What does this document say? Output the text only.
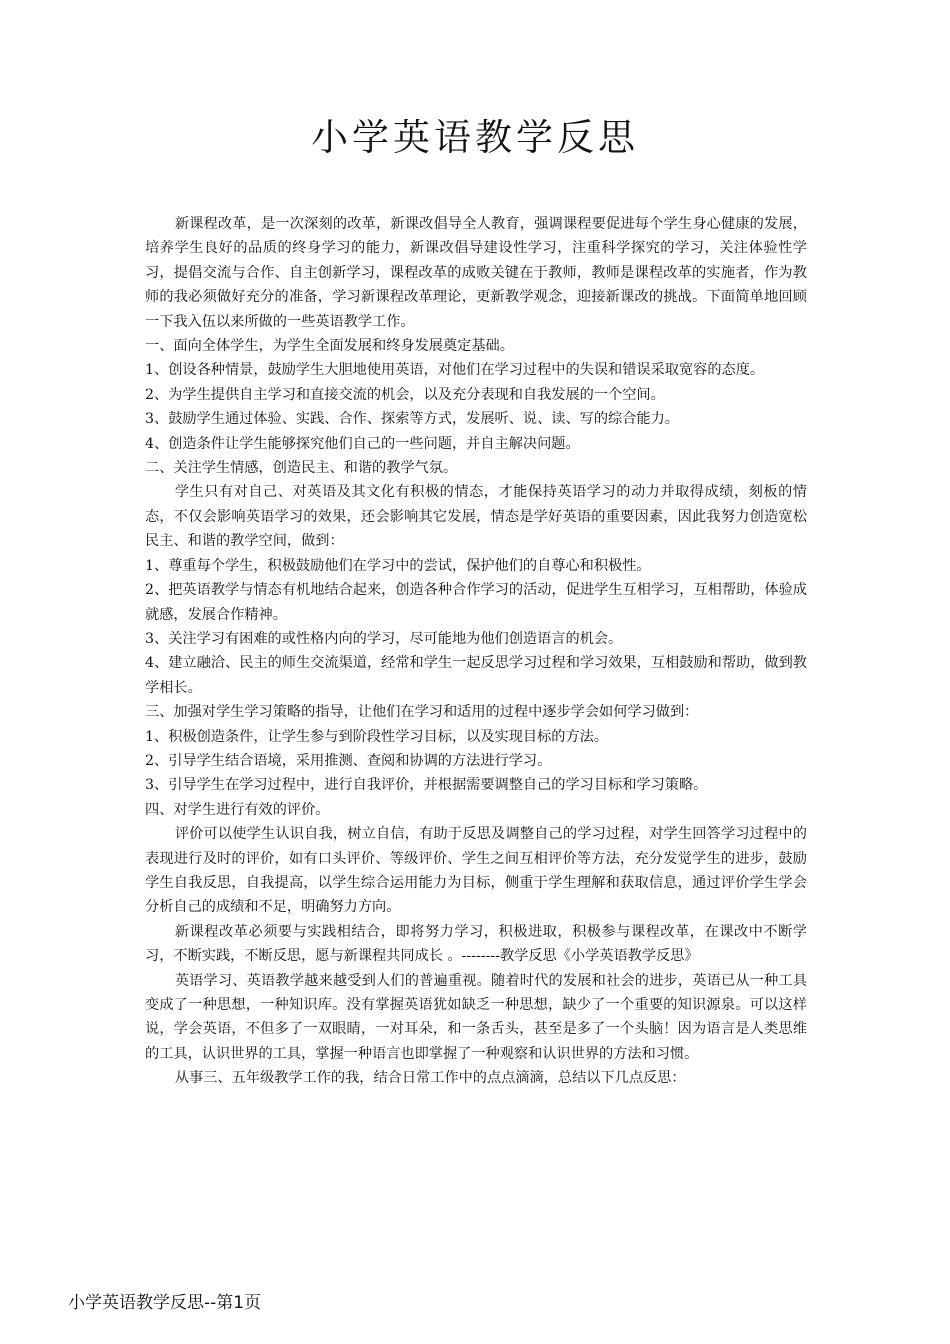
小学英语教学反思

新课程改革，是一次深刻的改革，新课改倡导全人教育，强调课程要促进每个学生身心健康的发展，培养学生良好的品质的终身学习的能力，新课改倡导建设性学习，注重科学探究的学习，关注体验性学习，提倡交流与合作、自主创新学习，课程改革的成败关键在于教师，教师是课程改革的实施者，作为教师的我必须做好充分的准备，学习新课程改革理论，更新教学观念，迎接新课改的挑战。下面简单地回顾一下我入伍以来所做的一些英语教学工作。

一、面向全体学生，为学生全面发展和终身发展奠定基础。

1、创设各种情景，鼓励学生大胆地使用英语，对他们在学习过程中的失误和错误采取宽容的态度。

2、为学生提供自主学习和直接交流的机会，以及充分表现和自我发展的一个空间。

3、鼓励学生通过体验、实践、合作、探索等方式，发展听、说、读、写的综合能力。

4、创造条件让学生能够探究他们自己的一些问题，并自主解决问题。

二、关注学生情感，创造民主、和谐的教学气氛。

学生只有对自己、对英语及其文化有积极的情态，才能保持英语学习的动力并取得成绩，刻板的情态，不仅会影响英语学习的效果，还会影响其它发展，情态是学好英语的重要因素，因此我努力创造宽松民主、和谐的教学空间，做到：

1、尊重每个学生，积极鼓励他们在学习中的尝试，保护他们的自尊心和积极性。

2、把英语教学与情态有机地结合起来，创造各种合作学习的活动，促进学生互相学习，互相帮助，体验成就感，发展合作精神。

3、关注学习有困难的或性格内向的学习，尽可能地为他们创造语言的机会。

4、建立融洽、民主的师生交流渠道，经常和学生一起反思学习过程和学习效果，互相鼓励和帮助，做到教学相长。

三、加强对学生学习策略的指导，让他们在学习和适用的过程中逐步学会如何学习做到：

1、积极创造条件，让学生参与到阶段性学习目标，以及实现目标的方法。

2、引导学生结合语境，采用推测、查阅和协调的方法进行学习。

3、引导学生在学习过程中，进行自我评价，并根据需要调整自己的学习目标和学习策略。

四、对学生进行有效的评价。

评价可以使学生认识自我，树立自信，有助于反思及调整自己的学习过程，对学生回答学习过程中的表现进行及时的评价，如有口头评价、等级评价、学生之间互相评价等方法，充分发觉学生的进步，鼓励学生自我反思，自我提高，以学生综合运用能力为目标，侧重于学生理解和获取信息，通过评价学生学会分析自己的成绩和不足，明确努力方向。

新课程改革必须要与实践相结合，即将努力学习，积极进取，积极参与课程改革，在课改中不断学习，不断实践，不断反思，愿与新课程共同成长 。--------教学反思《小学英语教学反思》

英语学习、英语教学越来越受到人们的普遍重视。随着时代的发展和社会的进步，英语已从一种工具变成了一种思想，一种知识库。没有掌握英语犹如缺乏一种思想，缺少了一个重要的知识源泉。可以这样说，学会英语，不但多了一双眼睛，一对耳朵，和一条舌头，甚至是多了一个头脑！因为语言是人类思维的工具，认识世界的工具，掌握一种语言也即掌握了一种观察和认识世界的方法和习惯。

从事三、五年级教学工作的我，结合日常工作中的点点滴滴，总结以下几点反思：

小学英语教学反思--第1页
